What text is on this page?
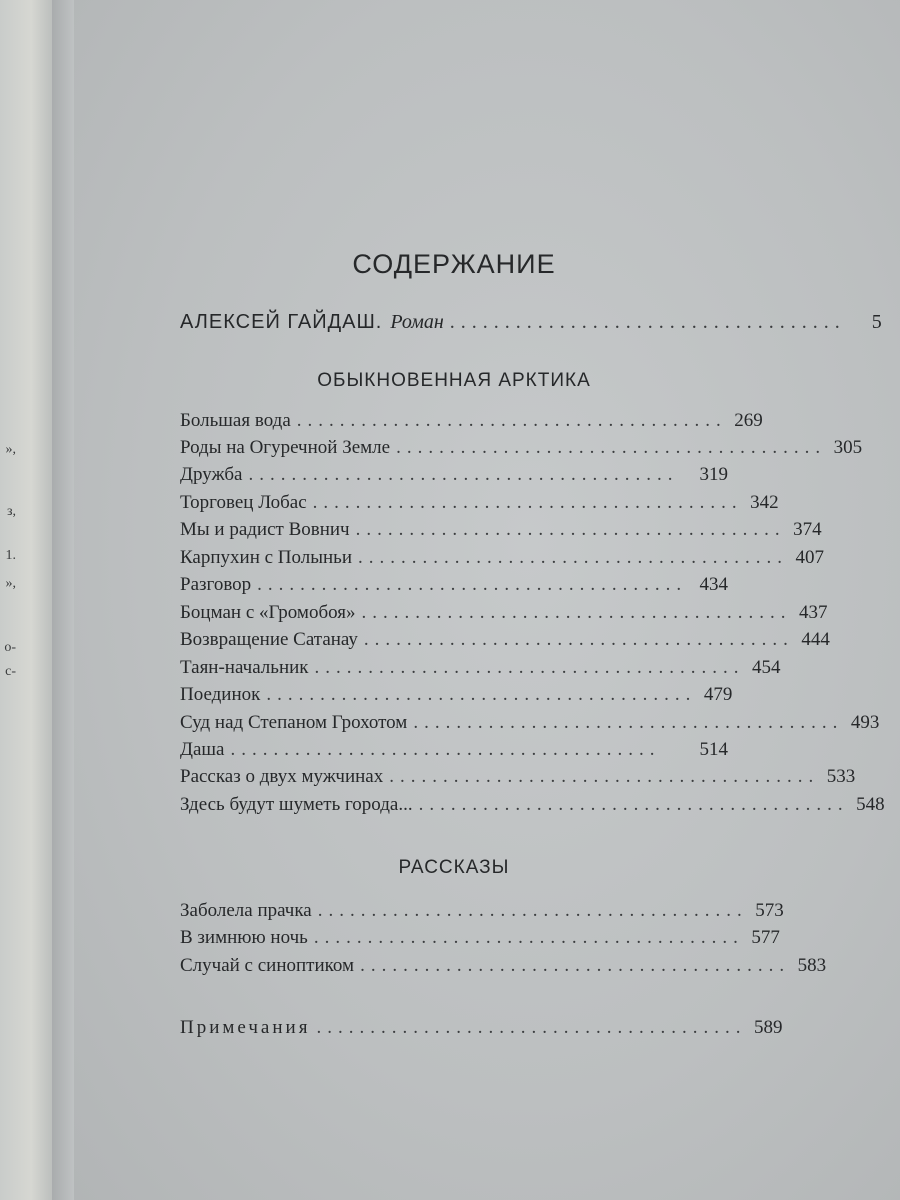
»,
з,
1.
»,
о-
с-
СОДЕРЖАНИЕ
АЛЕКСЕЙ ГАЙДАШ. Роман ....................................	5
ОБЫКНОВЕННАЯ АРКТИКА
Большая вода ........................................ 269
Роды на Огуречной Земле ........................................ 305
Дружба ........................................	319
Торговец Лобас ........................................ 342
Мы и радист Вовнич ........................................ 374
Карпухин с Полыньи ........................................ 407
Разговор ........................................ 434
Боцман с «Громобоя» ........................................ 437
Возвращение Сатанау ........................................ 444
Таян-начальник ........................................ 454
Поединок ........................................ 479
Суд над Степаном Грохотом ........................................ 493
Даша ........................................	514
Рассказ о двух мужчинах ........................................ 533
Здесь будут шуметь города... ........................................ 548
РАССКАЗЫ
Заболела прачка ........................................ 573
В зимнюю ночь ........................................ 577
Случай с синоптиком ........................................ 583
Примечания ........................................ 589
